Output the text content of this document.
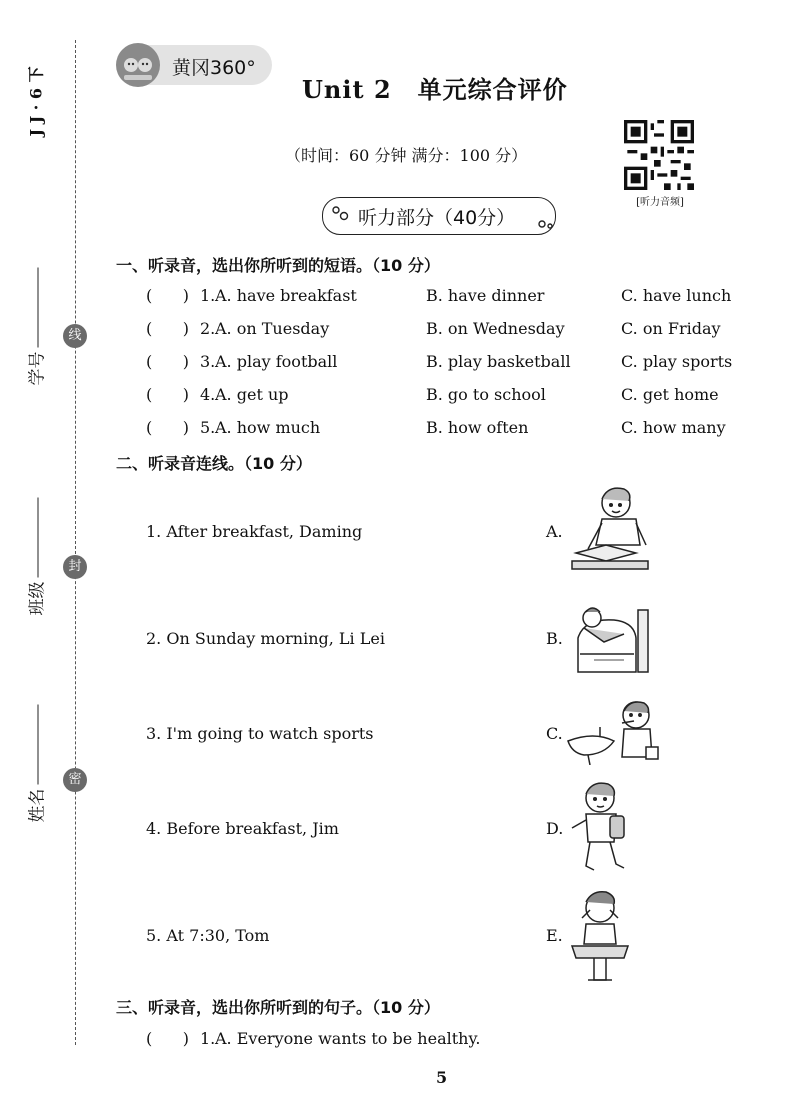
J J · 6 下
学号
线
班级
封
姓名
密
黄冈360°
Unit 2 单元综合评价
（时间：60 分钟 满分：100 分）
[听力音频]
听力部分（40分）
一、听录音，选出你所听到的短语。（10 分）
(      ) 1. A. have breakfast	B. have dinner	C. have lunch
(      ) 2. A. on Tuesday	B. on Wednesday	C. on Friday
(      ) 3. A. play football	B. play basketball	C. play sports
(      ) 4. A. get up	B. go to school	C. get home
(      ) 5. A. how much	B. how often	C. how many
二、听录音连线。（10 分）
1. After breakfast, Daming
2. On Sunday morning, Li Lei
3. I'm going to watch sports
4. Before breakfast, Jim
5. At 7:30, Tom
A.
B.
C.
D.
E.
三、听录音，选出你所听到的句子。（10 分）
(      ) 1. A. Everyone wants to be healthy.
5
